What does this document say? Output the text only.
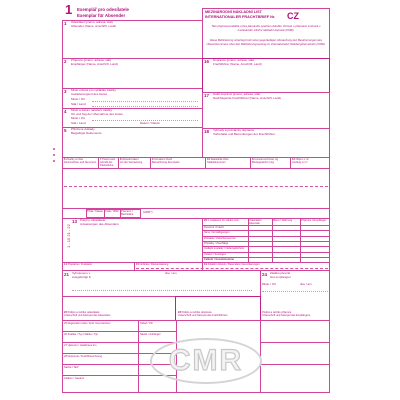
1 Exemplář pro odesílatele
Exemplar für Absender
MEZINÁRODNÍ NÁKLADNÍ LIST
INTERNATIONALER FRACHTBRIEF Nr. CZ
Tato přeprava podléhá i přes jakoukoliv opačnou doložku Úmluvě o přepravní smlouvě v mezinárodní silniční nákladní dopravě (CMR).
Diese Beförderung unterliegt trotz einer gegenteiligen Abmachung den Bestimmungen des Übereinkommens über den Beförderungsvertrag im internationalen Straßengüterverkehr (CMR).
1 Odesílatel (jméno, adresa, stát)
Absender (Name, Anschrift, Land)
2 Příjemce (jméno, adresa, stát)
Empfänger (Name, Anschrift, Land)
3 Místo určené pro vykládku zásilky
Auslieferungsort des Gutes
Místo / Ort
Stát / Land
4 Místo a datum naložení zásilky
Ort und Tag der Übernahme des Gutes
Místo / Ort
Stát / Land	Datum / Datum
5 Přiložené doklady
Beigefügte Dokumente
16 Dopravce (jméno, adresa, stát)
Frachtführer (Name, Anschrift, Land)
17 Další dopravci (jméno, adresa, stát)
Nachfolgende Frachtführer (Name, Anschrift, Land)
18 Výhrady a poznámky dopravce
Vorbehalte und Bemerkungen der Frachtführer
6 Značky a čísla
Kennzeichen und Nummern
7 Počet kusů
Anzahl der Packstücke
8 Způsob balení
Art der Verpackung
9 Označení zboží
Bezeichnung des Gutes
10 Statistické číslo
Statistiknummer
11 Hmotnost brutto, kg
Bruttogewicht in kg
12 Objem v m³
Umfang in m³
Třída / Klasse Číslo / Ziffer Písmeno / Buchstabe
(ADR*)
13 Pokyny odesílatele
Anweisungen des Absenders
1 - 15 21 - 22
20 K zaplacení Zu zahlen vom	Odesílatel / Absender
Měna / Währung	Příjemce / Empfänger
Dovozné / Fracht
Slevy / Ermäßigungen
Zůstatek / Zwischensumme
Příplatky / Zuschläge
Vedlejší poplatky / Nebengebühren
Ostatní / Sonstiges
Celkem / Gesamtsumme
14 Přeplatné / Frankatur	15 Dobírka / Rückerstattung	19 Zvláštní dohody / Besondere Vereinbarungen
21 Vyhotoveno v
Ausgefertigt in
dne / am	24 Zásilku převzal
Gut empfangen
Místo / Ort	dne / am
Podpis a razítko příjemce
Unterschrift und Stempel des Empfängers
22 Podpis a razítko odesílatele
Unterschrift und Stempel des Absenders
23 Podpis a razítko dopravce
Unterschrift und Stempel des Frachtführers
25 Registrační číslo / Amtl. Kennzeichen
26 Značka / Typ / Marke / Typ
27 Ujeté km / Gefahrene km
28 Dopravné / Frachtberechnung
Sazba / Tarif
Celkem / Gesamt
Tahač / Kfz
Návěs / Anhänger
CMR
